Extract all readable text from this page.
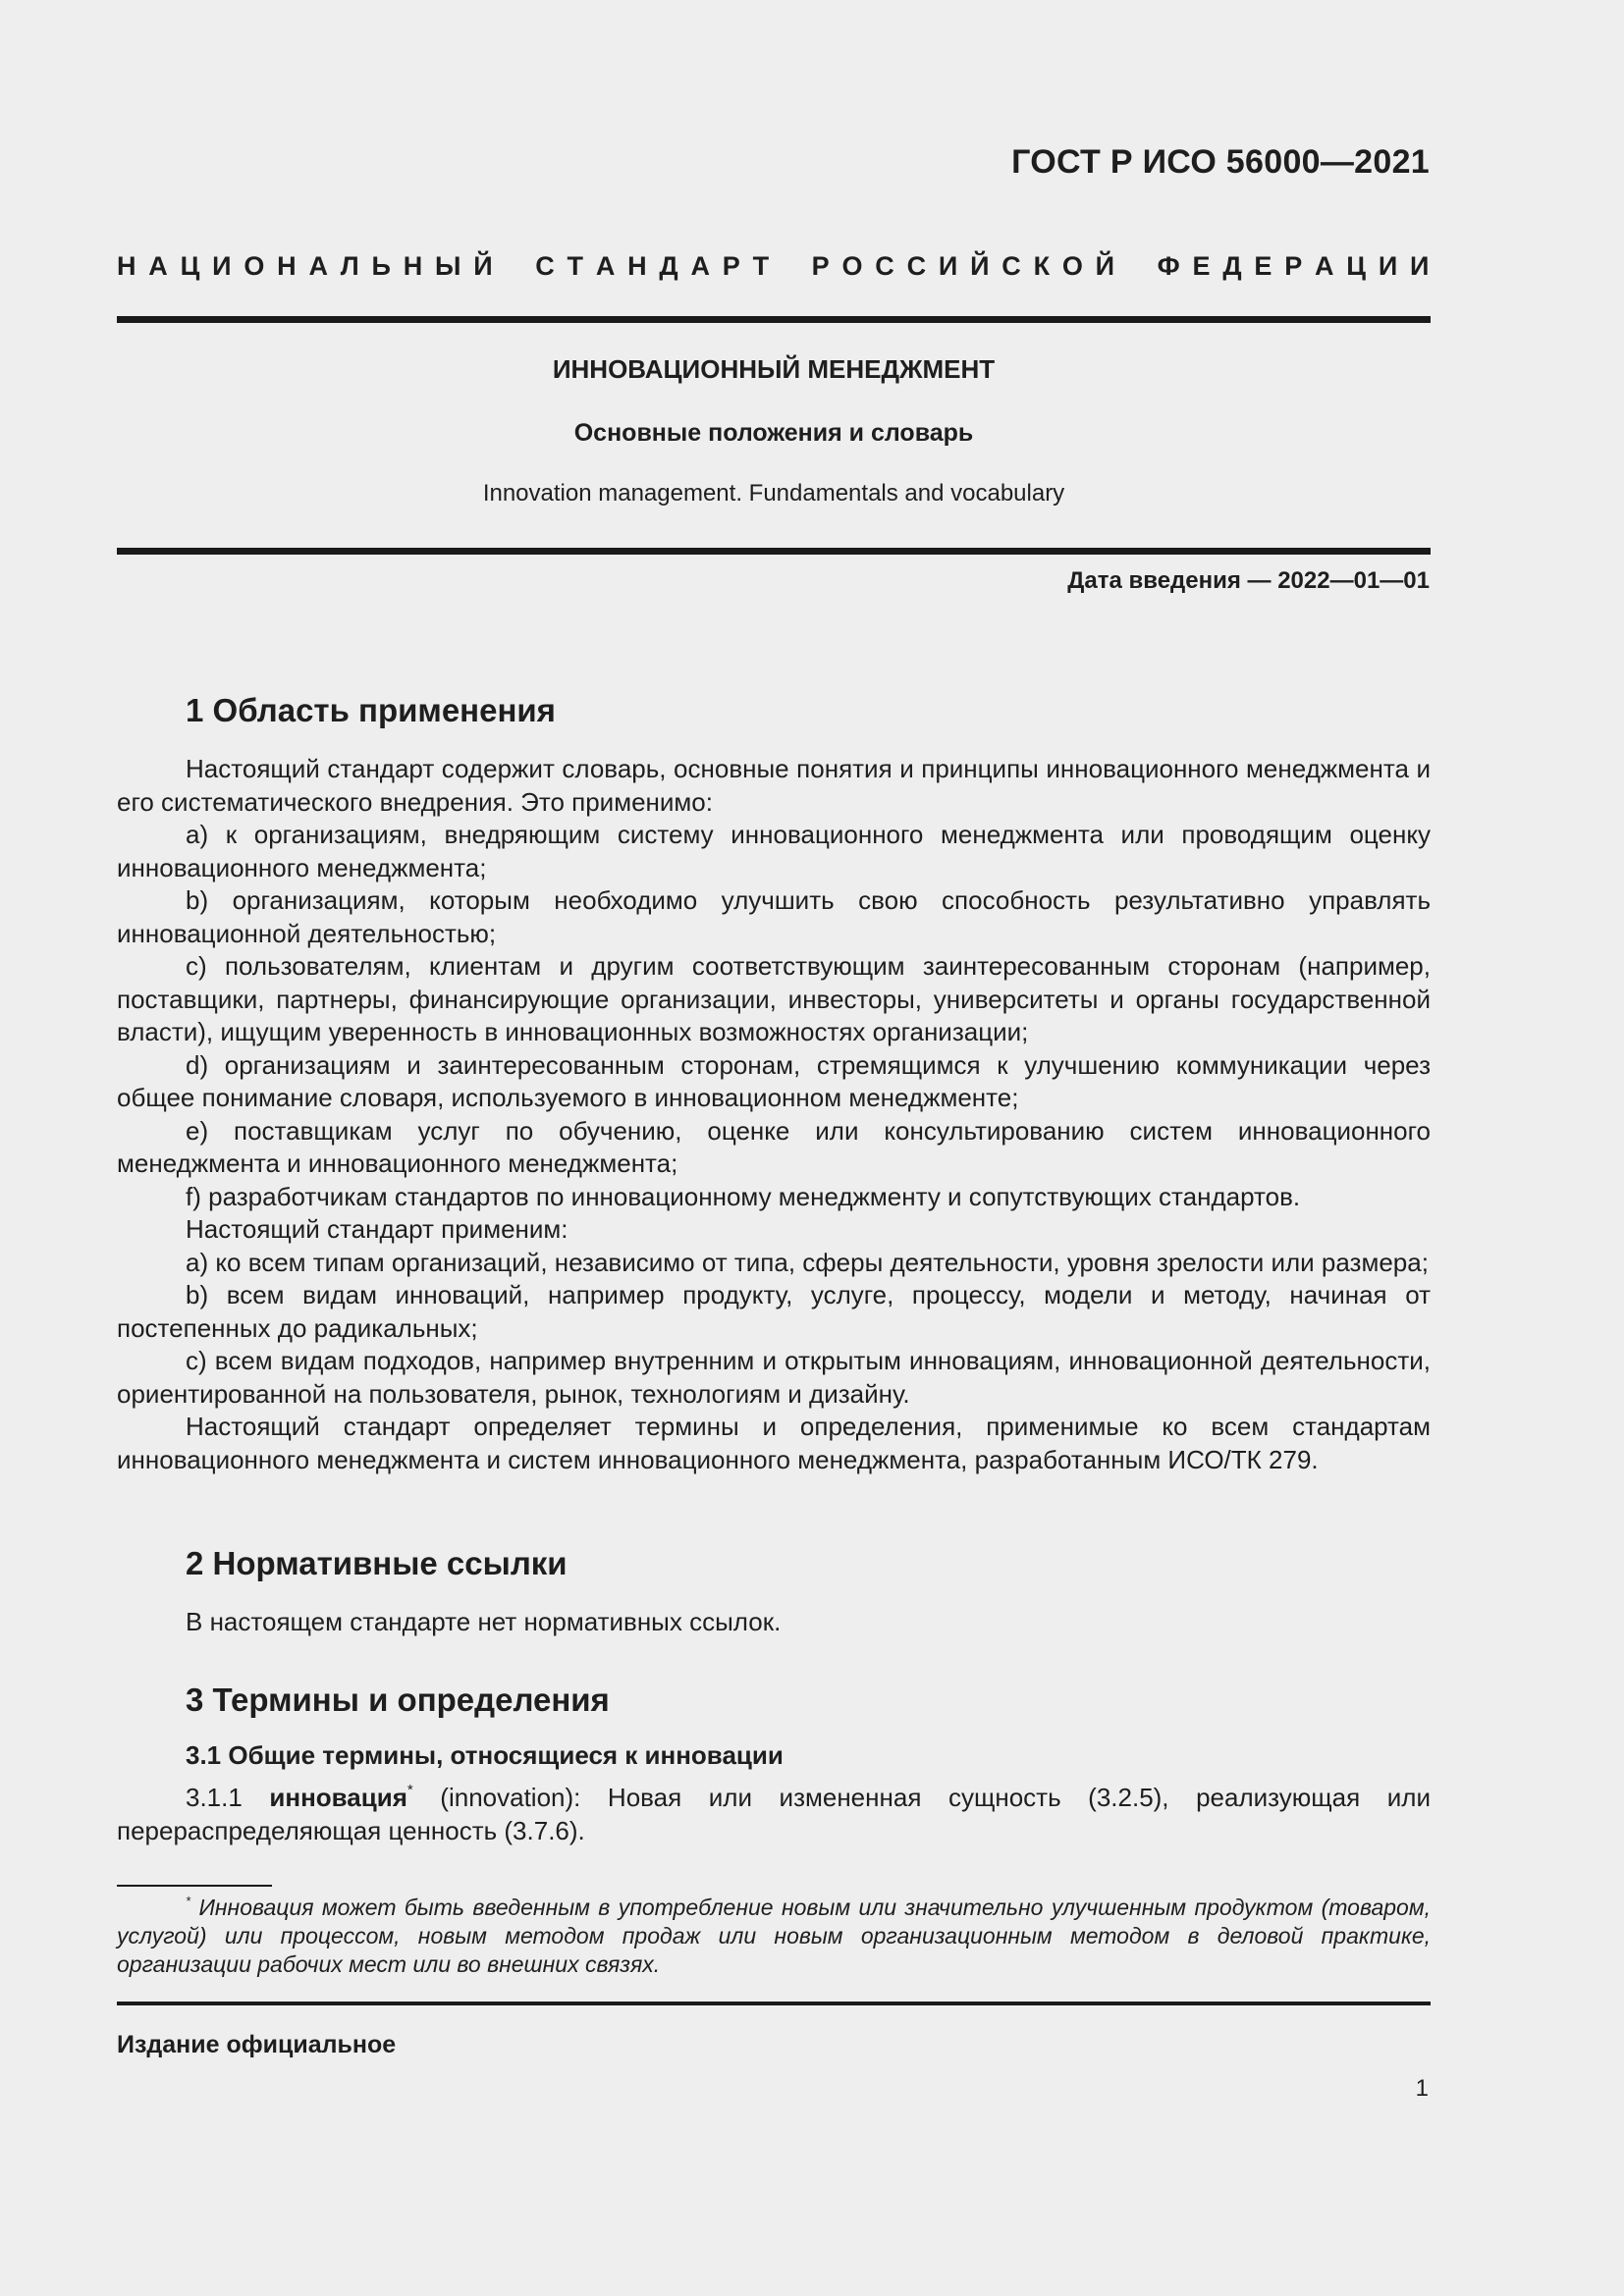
ГОСТ Р ИСО 56000—2021
Н А Ц И О Н А Л Ь Н Ы Й С Т А Н Д А Р Т Р О С С И Й С К О Й Ф Е Д Е Р А Ц И И
ИННОВАЦИОННЫЙ МЕНЕДЖМЕНТ
Основные положения и словарь
Innovation management. Fundamentals and vocabulary
Дата введения — 2022—01—01
1 Область применения

Настоящий стандарт содержит словарь, основные понятия и принципы инновационного менеджмента и его систематического внедрения. Это применимо:

a) к организациям, внедряющим систему инновационного менеджмента или проводящим оценку инновационного менеджмента;

b) организациям, которым необходимо улучшить свою способность результативно управлять инновационной деятельностью;

c) пользователям, клиентам и другим соответствующим заинтересованным сторонам (например, поставщики, партнеры, финансирующие организации, инвесторы, университеты и органы государственной власти), ищущим уверенность в инновационных возможностях организации;

d) организациям и заинтересованным сторонам, стремящимся к улучшению коммуникации через общее понимание словаря, используемого в инновационном менеджменте;

e) поставщикам услуг по обучению, оценке или консультированию систем инновационного менеджмента и инновационного менеджмента;

f) разработчикам стандартов по инновационному менеджменту и сопутствующих стандартов.

Настоящий стандарт применим:

a) ко всем типам организаций, независимо от типа, сферы деятельности, уровня зрелости или размера;

b) всем видам инноваций, например продукту, услуге, процессу, модели и методу, начиная от постепенных до радикальных;

c) всем видам подходов, например внутренним и открытым инновациям, инновационной деятельности, ориентированной на пользователя, рынок, технологиям и дизайну.

Настоящий стандарт определяет термины и определения, применимые ко всем стандартам инновационного менеджмента и систем инновационного менеджмента, разработанным ИСО/ТК 279.

2 Нормативные ссылки

В настоящем стандарте нет нормативных ссылок.

3 Термины и определения
3.1 Общие термины, относящиеся к инновации

3.1.1 инновация* (innovation): Новая или измененная сущность (3.2.5), реализующая или перераспределяющая ценность (3.7.6).

* Инновация может быть введенным в употребление новым или значительно улучшенным продуктом (товаром, услугой) или процессом, новым методом продаж или новым организационным методом в деловой практике, организации рабочих мест или во внешних связях.

Издание официальное
1
